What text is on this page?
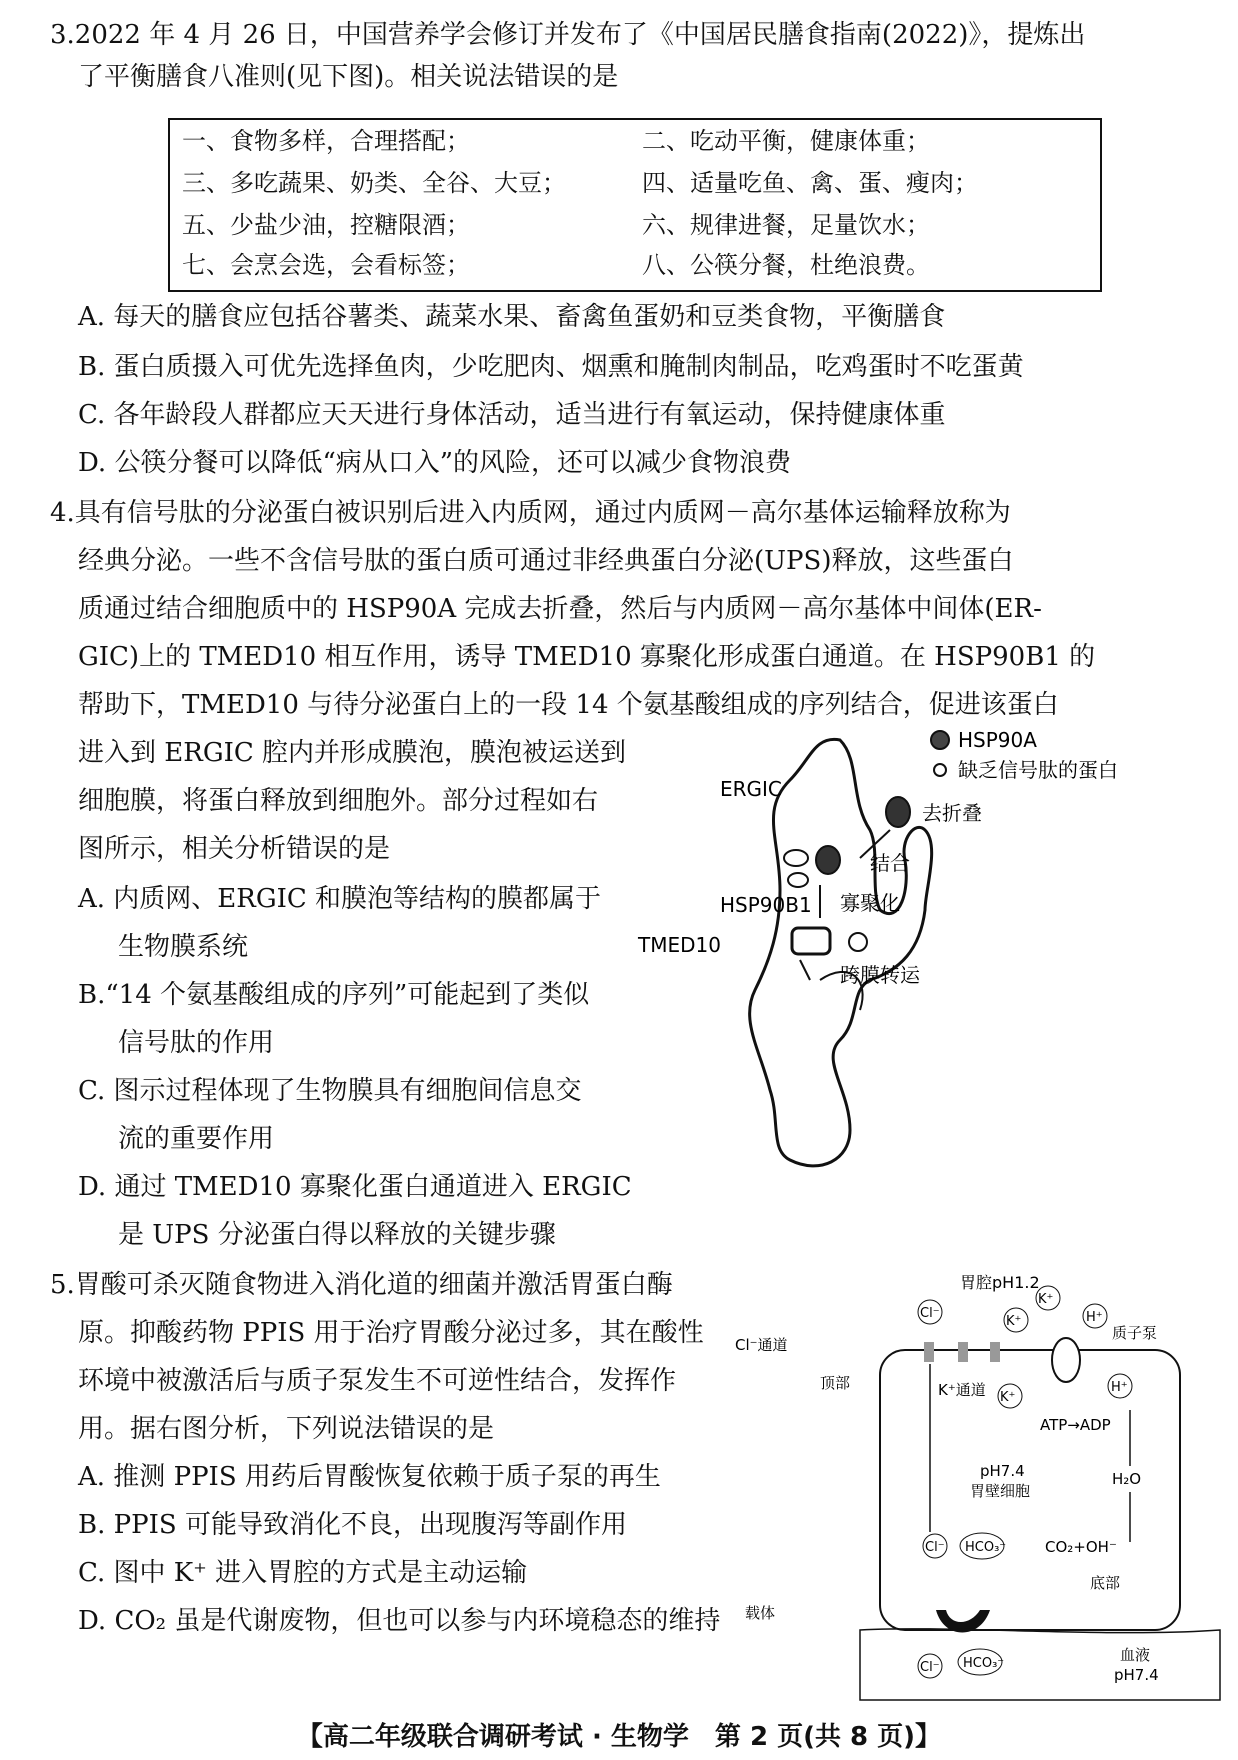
3.2022 年 4 月 26 日，中国营养学会修订并发布了《中国居民膳食指南(2022)》，提炼出
了平衡膳食八准则(见下图)。相关说法错误的是
一、食物多样，合理搭配；	二、吃动平衡，健康体重；
三、多吃蔬果、奶类、全谷、大豆；	四、适量吃鱼、禽、蛋、瘦肉；
五、少盐少油，控糖限酒；	六、规律进餐，足量饮水；
七、会烹会选，会看标签；	八、公筷分餐，杜绝浪费。
A. 每天的膳食应包括谷薯类、蔬菜水果、畜禽鱼蛋奶和豆类食物，平衡膳食
B. 蛋白质摄入可优先选择鱼肉，少吃肥肉、烟熏和腌制肉制品，吃鸡蛋时不吃蛋黄
C. 各年龄段人群都应天天进行身体活动，适当进行有氧运动，保持健康体重
D. 公筷分餐可以降低“病从口入”的风险，还可以减少食物浪费
4.具有信号肽的分泌蛋白被识别后进入内质网，通过内质网－高尔基体运输释放称为
经典分泌。一些不含信号肽的蛋白质可通过非经典蛋白分泌(UPS)释放，这些蛋白
质通过结合细胞质中的 HSP90A 完成去折叠，然后与内质网－高尔基体中间体(ER-
GIC)上的 TMED10 相互作用，诱导 TMED10 寡聚化形成蛋白通道。在 HSP90B1 的
帮助下，TMED10 与待分泌蛋白上的一段 14 个氨基酸组成的序列结合，促进该蛋白
进入到 ERGIC 腔内并形成膜泡，膜泡被运送到
细胞膜，将蛋白释放到细胞外。部分过程如右
图所示，相关分析错误的是
A. 内质网、ERGIC 和膜泡等结构的膜都属于
生物膜系统
B.“14 个氨基酸组成的序列”可能起到了类似
信号肽的作用
C. 图示过程体现了生物膜具有细胞间信息交
流的重要作用
D. 通过 TMED10 寡聚化蛋白通道进入 ERGIC
是 UPS 分泌蛋白得以释放的关键步骤
HSP90A
缺乏信号肽的蛋白
去折叠
ERGIC
结合
HSP90B1 寡聚化
TMED10
跨膜转运
5.胃酸可杀灭随食物进入消化道的细菌并激活胃蛋白酶
原。抑酸药物 PPIS 用于治疗胃酸分泌过多，其在酸性
环境中被激活后与质子泵发生不可逆性结合，发挥作
用。据右图分析，下列说法错误的是
A. 推测 PPIS 用药后胃酸恢复依赖于质子泵的再生
B. PPIS 可能导致消化不良，出现腹泻等副作用
C. 图中 K⁺ 进入胃腔的方式是主动运输
D. CO₂ 虽是代谢废物，但也可以参与内环境稳态的维持
胃腔pH1.2
Cl⁻
K⁺
K⁺
H⁺
Cl⁻通道
质子泵
顶部	K⁺通道 K⁺
H⁺
ATP→ADP
pH7.4
胃壁细胞
H₂O
Cl⁻ HCO₃⁻	CO₂+OH⁻
底部
载体
Cl⁻ HCO₃⁻	血液
pH7.4
【高二年级联合调研考试 · 生物学　第 2 页(共 8 页)】
